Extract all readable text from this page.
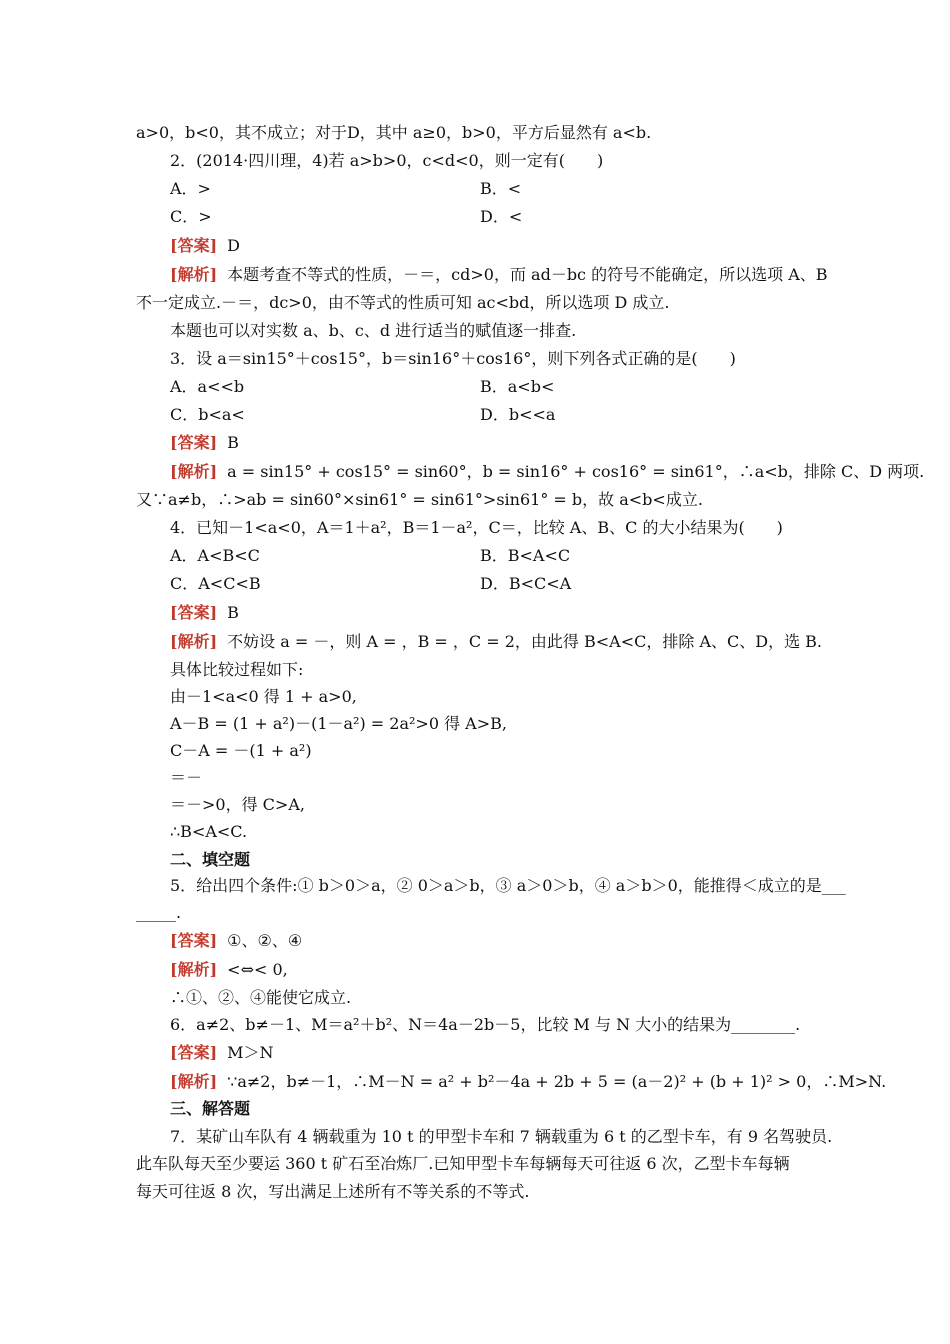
a>0，b<0，其不成立；对于D，其中 a≥0，b>0，平方后显然有 a<b.
2．(2014·四川理，4)若 a>b>0，c<d<0，则一定有(　　)
A．>	B．<
C．>	D．<
[答案] D
[解析] 本题考查不等式的性质，－＝，cd>0，而 ad－bc 的符号不能确定，所以选项 A、B
不一定成立.－＝，dc>0，由不等式的性质可知 ac<bd，所以选项 D 成立.
本题也可以对实数 a、b、c、d 进行适当的赋值逐一排查.
3．设 a＝sin15°＋cos15°，b＝sin16°＋cos16°，则下列各式正确的是(　　)
A．a<<b	B．a<b<
C．b<a<	D．b<<a
[答案] B
[解析] a = sin15° + cos15° = sin60°，b = sin16° + cos16° = sin61°，∴a<b，排除 C、D 两项.
又∵a≠b，∴>ab = sin60°×sin61° = sin61°>sin61° = b，故 a<b<成立.
4．已知－1<a<0，A＝1＋a²，B＝1－a²，C＝，比较 A、B、C 的大小结果为(　　)
A．A<B<C	B．B<A<C
C．A<C<B	D．B<C<A
[答案] B
[解析] 不妨设 a = －，则 A = ，B = ，C = 2，由此得 B<A<C，排除 A、C、D，选 B.
具体比较过程如下:
由－1<a<0 得 1 + a>0,
A－B = (1 + a²)－(1－a²) = 2a²>0 得 A>B,
C－A = －(1 + a²)
＝－
＝－>0，得 C>A,
∴B<A<C.
二、填空题
5．给出四个条件:① b＞0＞a，② 0＞a＞b，③ a＞0＞b，④ a＞b＞0，能推得＜成立的是___
_____.
[答案] ①、②、④
[解析] <⇔< 0,
∴①、②、④能使它成立.
6．a≠2、b≠－1、M＝a²＋b²、N＝4a－2b－5，比较 M 与 N 大小的结果为________.
[答案] M＞N
[解析] ∵a≠2，b≠－1，∴M－N = a² + b²－4a + 2b + 5 = (a－2)² + (b + 1)² > 0，∴M>N.
三、解答题
7．某矿山车队有 4 辆载重为 10 t 的甲型卡车和 7 辆载重为 6 t 的乙型卡车，有 9 名驾驶员.
此车队每天至少要运 360 t 矿石至冶炼厂.已知甲型卡车每辆每天可往返 6 次，乙型卡车每辆
每天可往返 8 次，写出满足上述所有不等关系的不等式.
